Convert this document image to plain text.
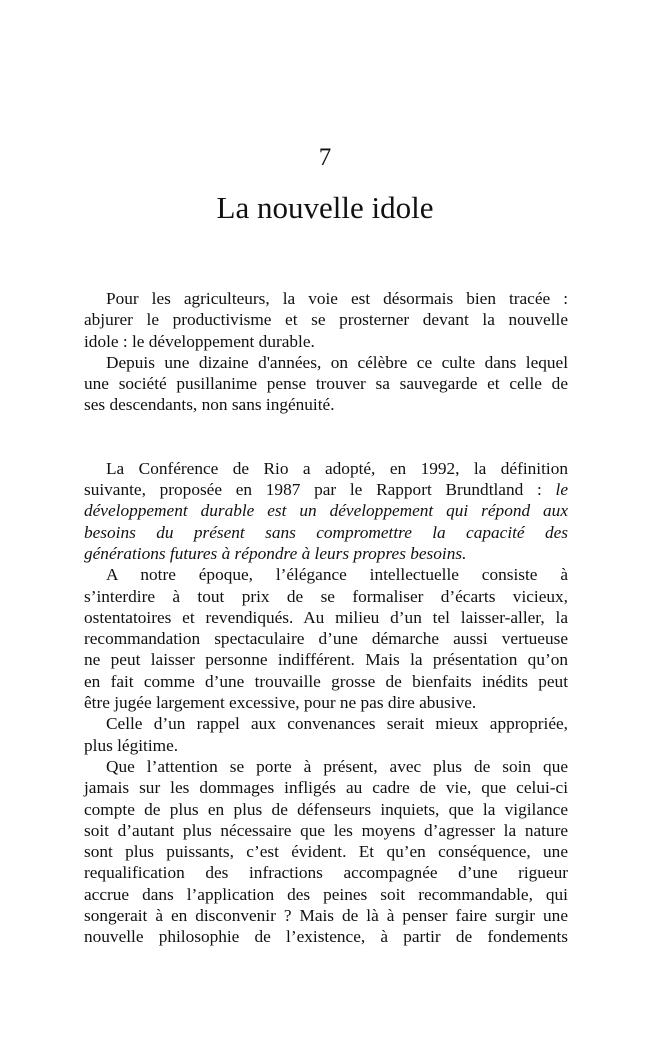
7
La nouvelle idole
Pour les agriculteurs, la voie est désormais bien tracée :
abjurer le productivisme et se prosterner devant la nouvelle
idole : le développement durable.
Depuis une dizaine d'années, on célèbre ce culte dans lequel
une société pusillanime pense trouver sa sauvegarde et celle de
ses descendants, non sans ingénuité.
La Conférence de Rio a adopté, en 1992, la définition
suivante, proposée en 1987 par le Rapport Brundtland : le
développement durable est un développement qui répond aux
besoins du présent sans compromettre la capacité des
générations futures à répondre à leurs propres besoins.
A notre époque, l’élégance intellectuelle consiste à
s’interdire à tout prix de se formaliser d’écarts vicieux,
ostentatoires et revendiqués. Au milieu d’un tel laisser-aller, la
recommandation spectaculaire d’une démarche aussi vertueuse
ne peut laisser personne indifférent. Mais la présentation qu’on
en fait comme d’une trouvaille grosse de bienfaits inédits peut
être jugée largement excessive, pour ne pas dire abusive.
Celle d’un rappel aux convenances serait mieux appropriée,
plus légitime.
Que l’attention se porte à présent, avec plus de soin que
jamais sur les dommages infligés au cadre de vie, que celui-ci
compte de plus en plus de défenseurs inquiets, que la vigilance
soit d’autant plus nécessaire que les moyens d’agresser la nature
sont plus puissants, c’est évident. Et qu’en conséquence, une
requalification des infractions accompagnée d’une rigueur
accrue dans l’application des peines soit recommandable, qui
songerait à en disconvenir ? Mais de là à penser faire surgir une
nouvelle philosophie de l’existence, à partir de fondements
